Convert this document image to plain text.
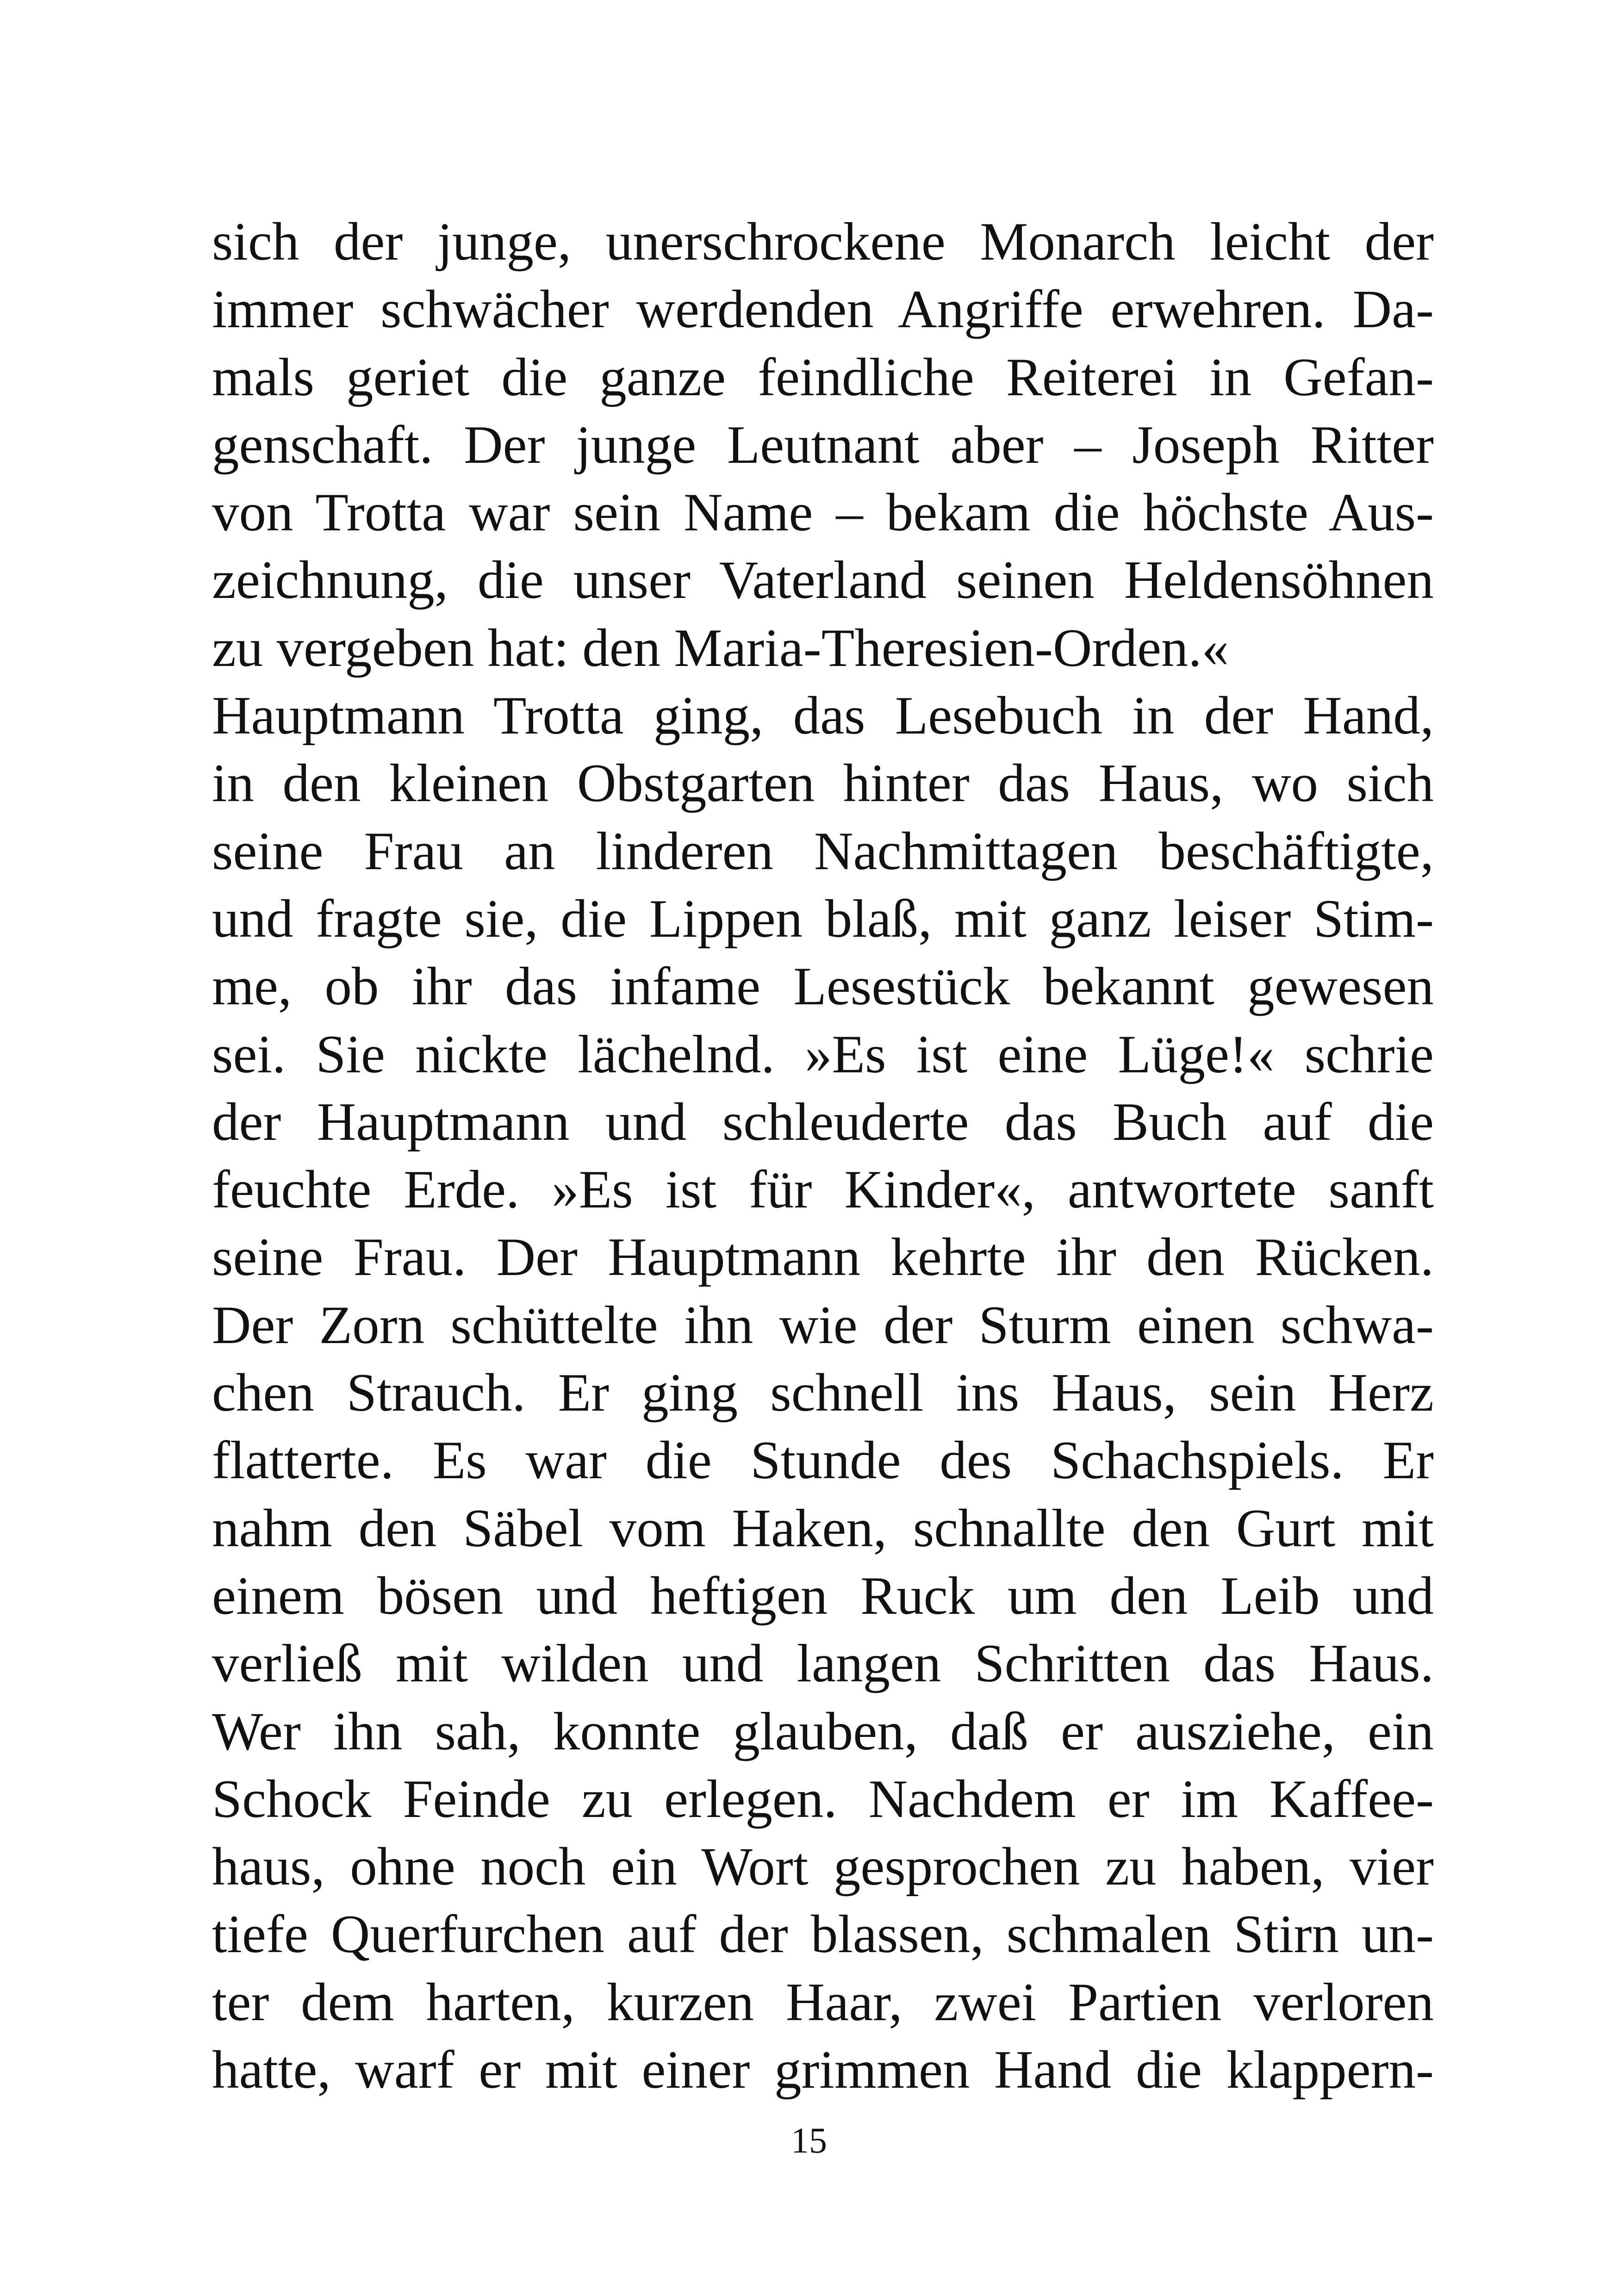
sich der junge, unerschrockene Monarch leicht der
immer schwächer werdenden Angriffe erwehren. Da-
mals geriet die ganze feindliche Reiterei in Gefan-
genschaft. Der junge Leutnant aber – Joseph Ritter
von Trotta war sein Name – bekam die höchste Aus-
zeichnung, die unser Vaterland seinen Heldensöhnen
zu vergeben hat: den Maria-Theresien-Orden.«
Hauptmann Trotta ging, das Lesebuch in der Hand,
in den kleinen Obstgarten hinter das Haus, wo sich
seine Frau an linderen Nachmittagen beschäftigte,
und fragte sie, die Lippen blaß, mit ganz leiser Stim-
me, ob ihr das infame Lesestück bekannt gewesen
sei. Sie nickte lächelnd. »Es ist eine Lüge!« schrie
der Hauptmann und schleuderte das Buch auf die
feuchte Erde. »Es ist für Kinder«, antwortete sanft
seine Frau. Der Hauptmann kehrte ihr den Rücken.
Der Zorn schüttelte ihn wie der Sturm einen schwa-
chen Strauch. Er ging schnell ins Haus, sein Herz
flatterte. Es war die Stunde des Schachspiels. Er
nahm den Säbel vom Haken, schnallte den Gurt mit
einem bösen und heftigen Ruck um den Leib und
verließ mit wilden und langen Schritten das Haus.
Wer ihn sah, konnte glauben, daß er ausziehe, ein
Schock Feinde zu erlegen. Nachdem er im Kaffee-
haus, ohne noch ein Wort gesprochen zu haben, vier
tiefe Querfurchen auf der blassen, schmalen Stirn un-
ter dem harten, kurzen Haar, zwei Partien verloren
hatte, warf er mit einer grimmen Hand die klappern-
15
